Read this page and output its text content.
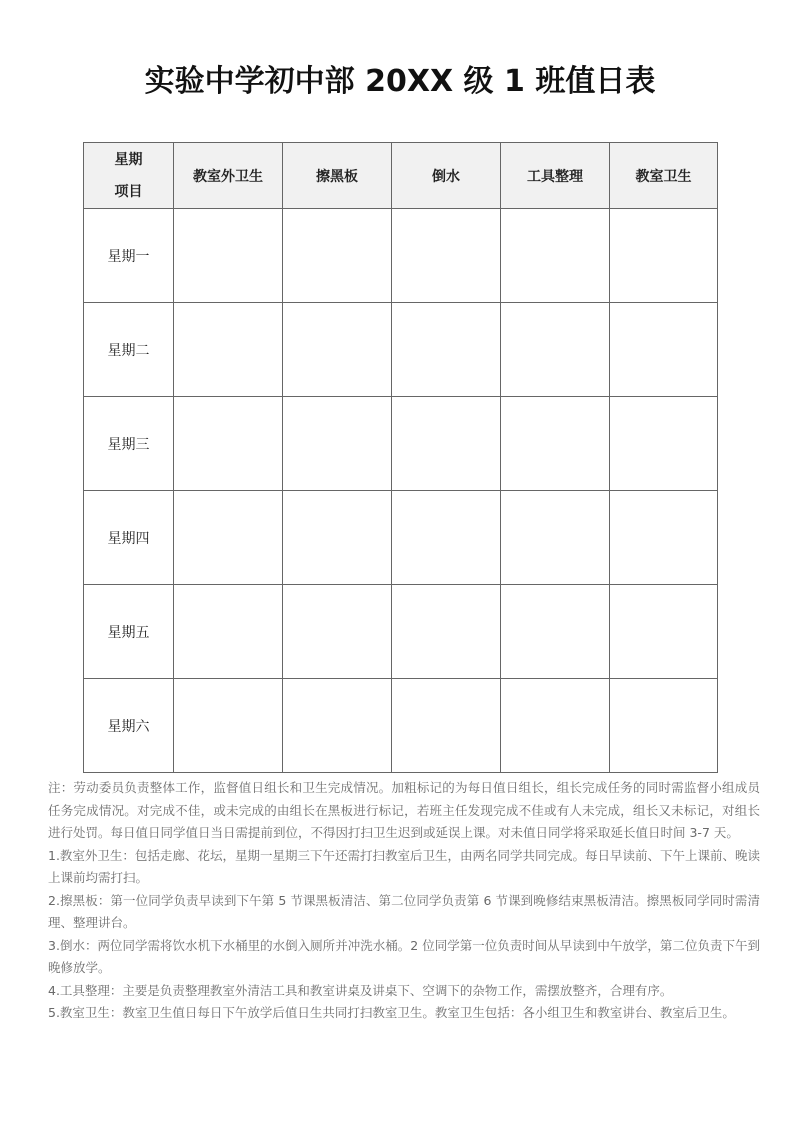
实验中学初中部 20XX 级 1 班值日表
星期
项目	教室外卫生	擦黑板	倒水	工具整理	教室卫生
星期一					
星期二					
星期三					
星期四					
星期五					
星期六					

注：劳动委员负责整体工作，监督值日组长和卫生完成情况。加粗标记的为每日值日组长，组长完成任务的同时需监督小组成员任务完成情况。对完成不佳，或未完成的由组长在黑板进行标记，若班主任发现完成不佳或有人未完成，组长又未标记，对组长进行处罚。每日值日同学值日当日需提前到位，不得因打扫卫生迟到或延误上课。对未值日同学将采取延长值日时间 3-7 天。

1.教室外卫生：包括走廊、花坛，星期一星期三下午还需打扫教室后卫生，由两名同学共同完成。每日早读前、下午上课前、晚读上课前均需打扫。

2.擦黑板：第一位同学负责早读到下午第 5 节课黑板清洁、第二位同学负责第 6 节课到晚修结束黑板清洁。擦黑板同学同时需清理、整理讲台。

3.倒水：两位同学需将饮水机下水桶里的水倒入厕所并冲洗水桶。2 位同学第一位负责时间从早读到中午放学，第二位负责下午到晚修放学。

4.工具整理：主要是负责整理教室外清洁工具和教室讲桌及讲桌下、空调下的杂物工作，需摆放整齐，合理有序。

5.教室卫生：教室卫生值日每日下午放学后值日生共同打扫教室卫生。教室卫生包括：各小组卫生和教室讲台、教室后卫生。
